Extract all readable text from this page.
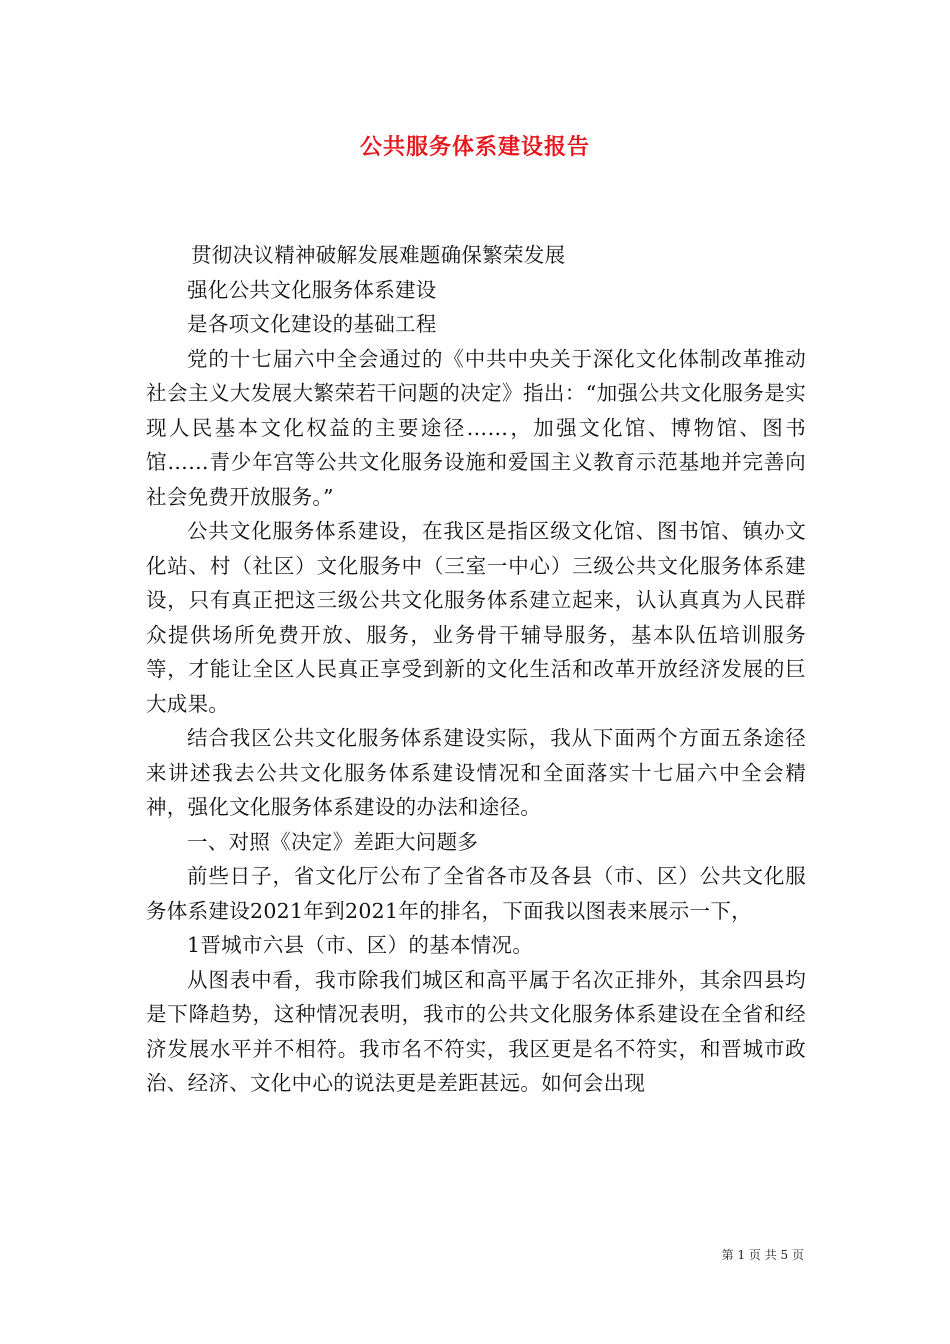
公共服务体系建设报告

贯彻决议精神破解发展难题确保繁荣发展

强化公共文化服务体系建设

是各项文化建设的基础工程

党的十七届六中全会通过的《中共中央关于深化文化体制改革推动社会主义大发展大繁荣若干问题的决定》指出：“加强公共文化服务是实现人民基本文化权益的主要途径……，加强文化馆、博物馆、图书馆……青少年宫等公共文化服务设施和爱国主义教育示范基地并完善向社会免费开放服务。”

公共文化服务体系建设，在我区是指区级文化馆、图书馆、镇办文化站、村（社区）文化服务中（三室一中心）三级公共文化服务体系建设，只有真正把这三级公共文化服务体系建立起来，认认真真为人民群众提供场所免费开放、服务，业务骨干辅导服务，基本队伍培训服务等，才能让全区人民真正享受到新的文化生活和改革开放经济发展的巨大成果。

结合我区公共文化服务体系建设实际，我从下面两个方面五条途径来讲述我去公共文化服务体系建设情况和全面落实十七届六中全会精神，强化文化服务体系建设的办法和途径。

一、对照《决定》差距大问题多

前些日子，省文化厅公布了全省各市及各县（市、区）公共文化服务体系建设2021年到2021年的排名，下面我以图表来展示一下，

1晋城市六县（市、区）的基本情况。

从图表中看，我市除我们城区和高平属于名次正排外，其余四县均是下降趋势，这种情况表明，我市的公共文化服务体系建设在全省和经济发展水平并不相符。我市名不符实，我区更是名不符实，和晋城市政治、经济、文化中心的说法更是差距甚远。如何会出现

第 1 页 共 5 页
